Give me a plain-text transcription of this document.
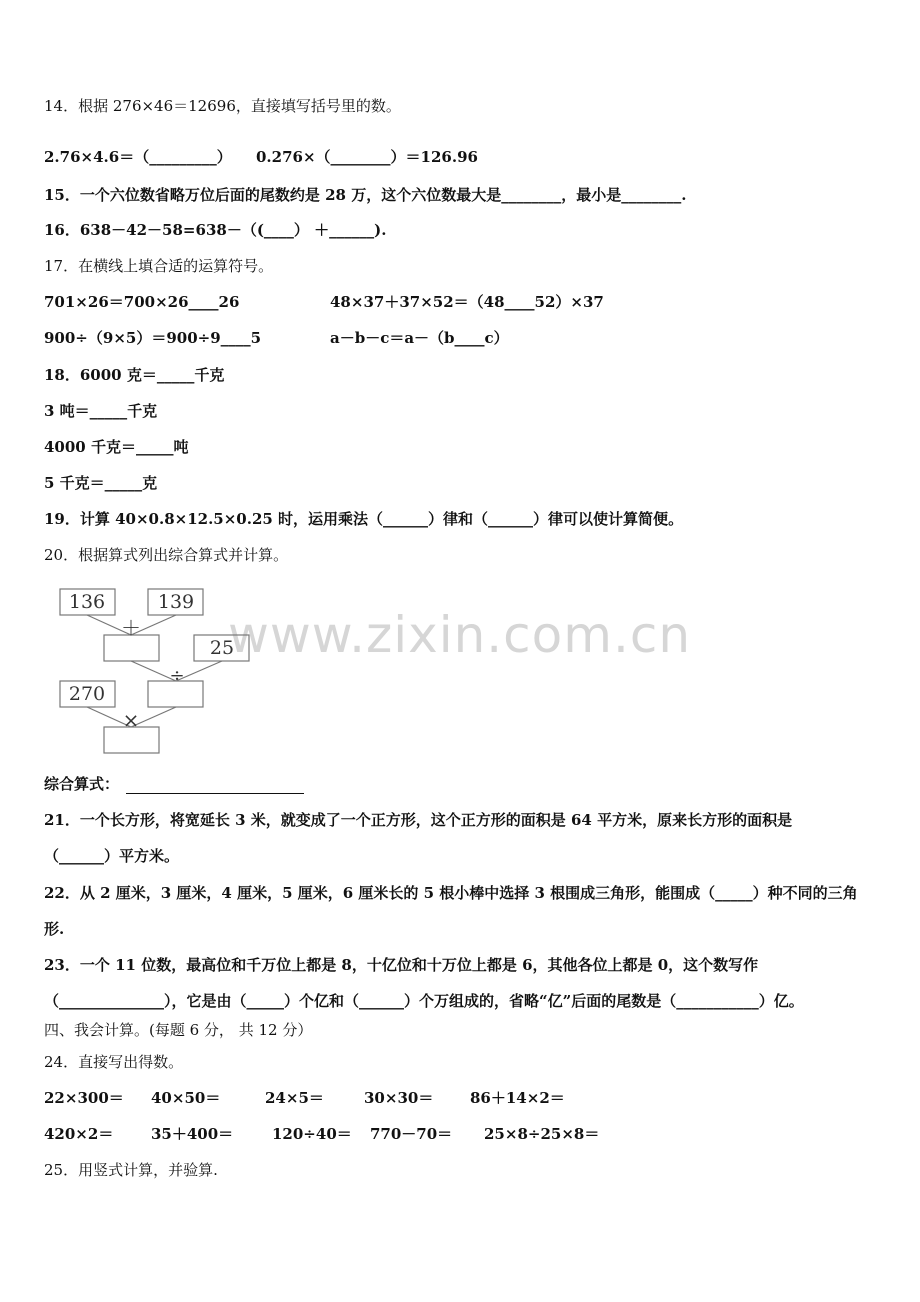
www.zixin.com.cn
14．根据 276×46＝12696，直接填写括号里的数。
2.76×4.6＝（_________） 0.276×（________）＝126.96
15．一个六位数省略万位后面的尾数约是 28 万，这个六位数最大是________，最小是________.
16．638－42－58=638－（(____） ＋______).
17．在横线上填合适的运算符号。
701×26＝700×26____26	48×37＋37×52＝（48____52）×37
900÷（9×5）＝900÷9____5	a－b－c＝a－（b____c）
18．6000 克＝_____千克
3 吨＝_____千克
4000 千克＝_____吨
5 千克＝_____克
19．计算 40×0.8×12.5×0.25 时，运用乘法（______）律和（______）律可以使计算简便。
20．根据算式列出综合算式并计算。
136	139
25
270
＋
÷
×
综合算式：
21．一个长方形，将宽延长 3 米，就变成了一个正方形，这个正方形的面积是 64 平方米，原来长方形的面积是
（______）平方米。
22．从 2 厘米，3 厘米，4 厘米，5 厘米，6 厘米长的 5 根小棒中选择 3 根围成三角形，能围成（_____）种不同的三角
形.
23．一个 11 位数，最高位和千万位上都是 8，十亿位和十万位上都是 6，其他各位上都是 0，这个数写作
（______________），它是由（_____）个亿和（______）个万组成的，省略“亿”后面的尾数是（___________）亿。
四、我会计算。(每题 6 分， 共 12 分）
24．直接写出得数。
22×300＝ 40×50＝	24×5＝	30×30＝ 86＋14×2＝
420×2＝	35＋400＝	120÷40＝ 770－70＝ 25×8÷25×8＝
25．用竖式计算，并验算.
